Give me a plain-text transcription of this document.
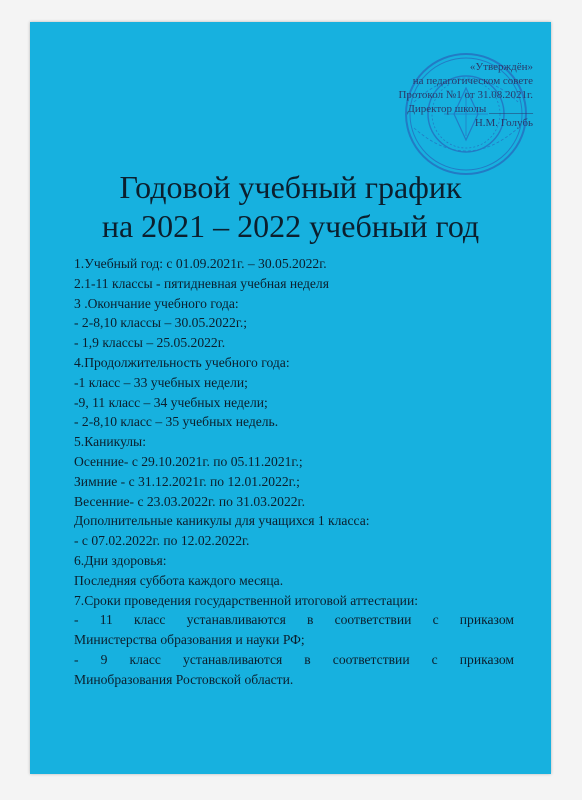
«Утверждён»
на педагогическом совете
Протокол №1 от 31.08.2021г.
Директор школы ________
Н.М. Голубь
Годовой учебный график
на 2021 – 2022 учебный год
1.Учебный год: с 01.09.2021г. – 30.05.2022г.
2.1-11 классы - пятидневная учебная неделя
3 .Окончание учебного года:
- 2-8,10 классы – 30.05.2022г.;
- 1,9 классы – 25.05.2022г.
4.Продолжительность учебного года:
-1 класс – 33 учебных недели;
-9, 11 класс – 34 учебных недели;
- 2-8,10 класс – 35 учебных недель.
5.Каникулы:
Осенние- с 29.10.2021г. по 05.11.2021г.;
Зимние - с 31.12.2021г. по 12.01.2022г.;
Весенние- с 23.03.2022г. по 31.03.2022г.
Дополнительные каникулы для учащихся 1 класса:
- с 07.02.2022г. по 12.02.2022г.
6.Дни здоровья:
Последняя суббота каждого месяца.
7.Сроки проведения государственной итоговой аттестации:
- 11 класс устанавливаются в соответствии с приказом
Министерства образования и науки РФ;
- 9 класс устанавливаются в соответствии с приказом
Минобразования Ростовской области.
